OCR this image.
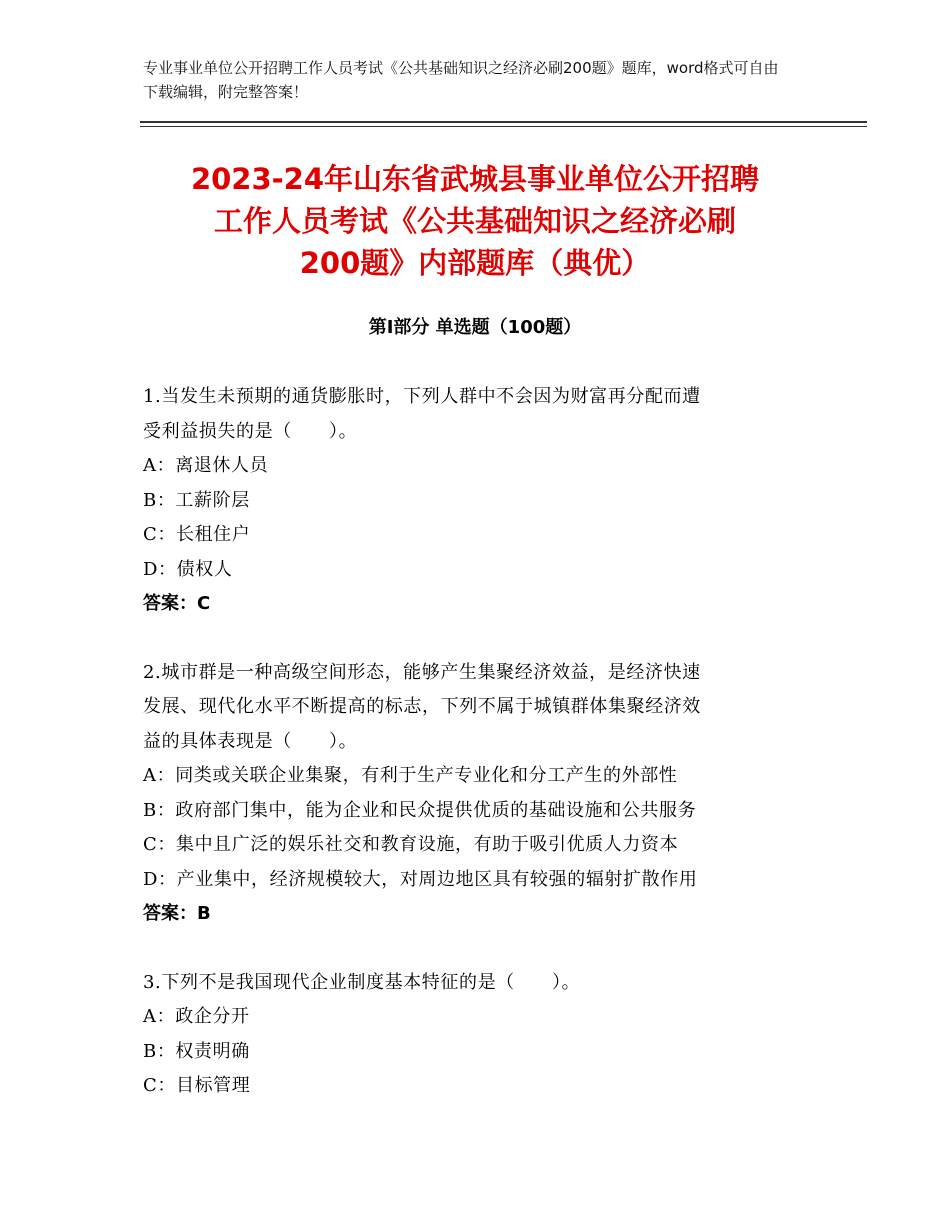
专业事业单位公开招聘工作人员考试《公共基础知识之经济必刷200题》题库，word格式可自由下载编辑，附完整答案！
2023-24年山东省武城县事业单位公开招聘
工作人员考试《公共基础知识之经济必刷
200题》内部题库（典优）
第Ⅰ部分 单选题（100题）
1.当发生未预期的通货膨胀时，下列人群中不会因为财富再分配而遭
受利益损失的是（　　）。
A：离退休人员
B：工薪阶层
C：长租住户
D：债权人
答案：C
2.城市群是一种高级空间形态，能够产生集聚经济效益，是经济快速
发展、现代化水平不断提高的标志，下列不属于城镇群体集聚经济效
益的具体表现是（　　）。
A：同类或关联企业集聚，有利于生产专业化和分工产生的外部性
B：政府部门集中，能为企业和民众提供优质的基础设施和公共服务
C：集中且广泛的娱乐社交和教育设施，有助于吸引优质人力资本
D：产业集中，经济规模较大，对周边地区具有较强的辐射扩散作用
答案：B
3.下列不是我国现代企业制度基本特征的是（　　）。
A：政企分开
B：权责明确
C：目标管理
